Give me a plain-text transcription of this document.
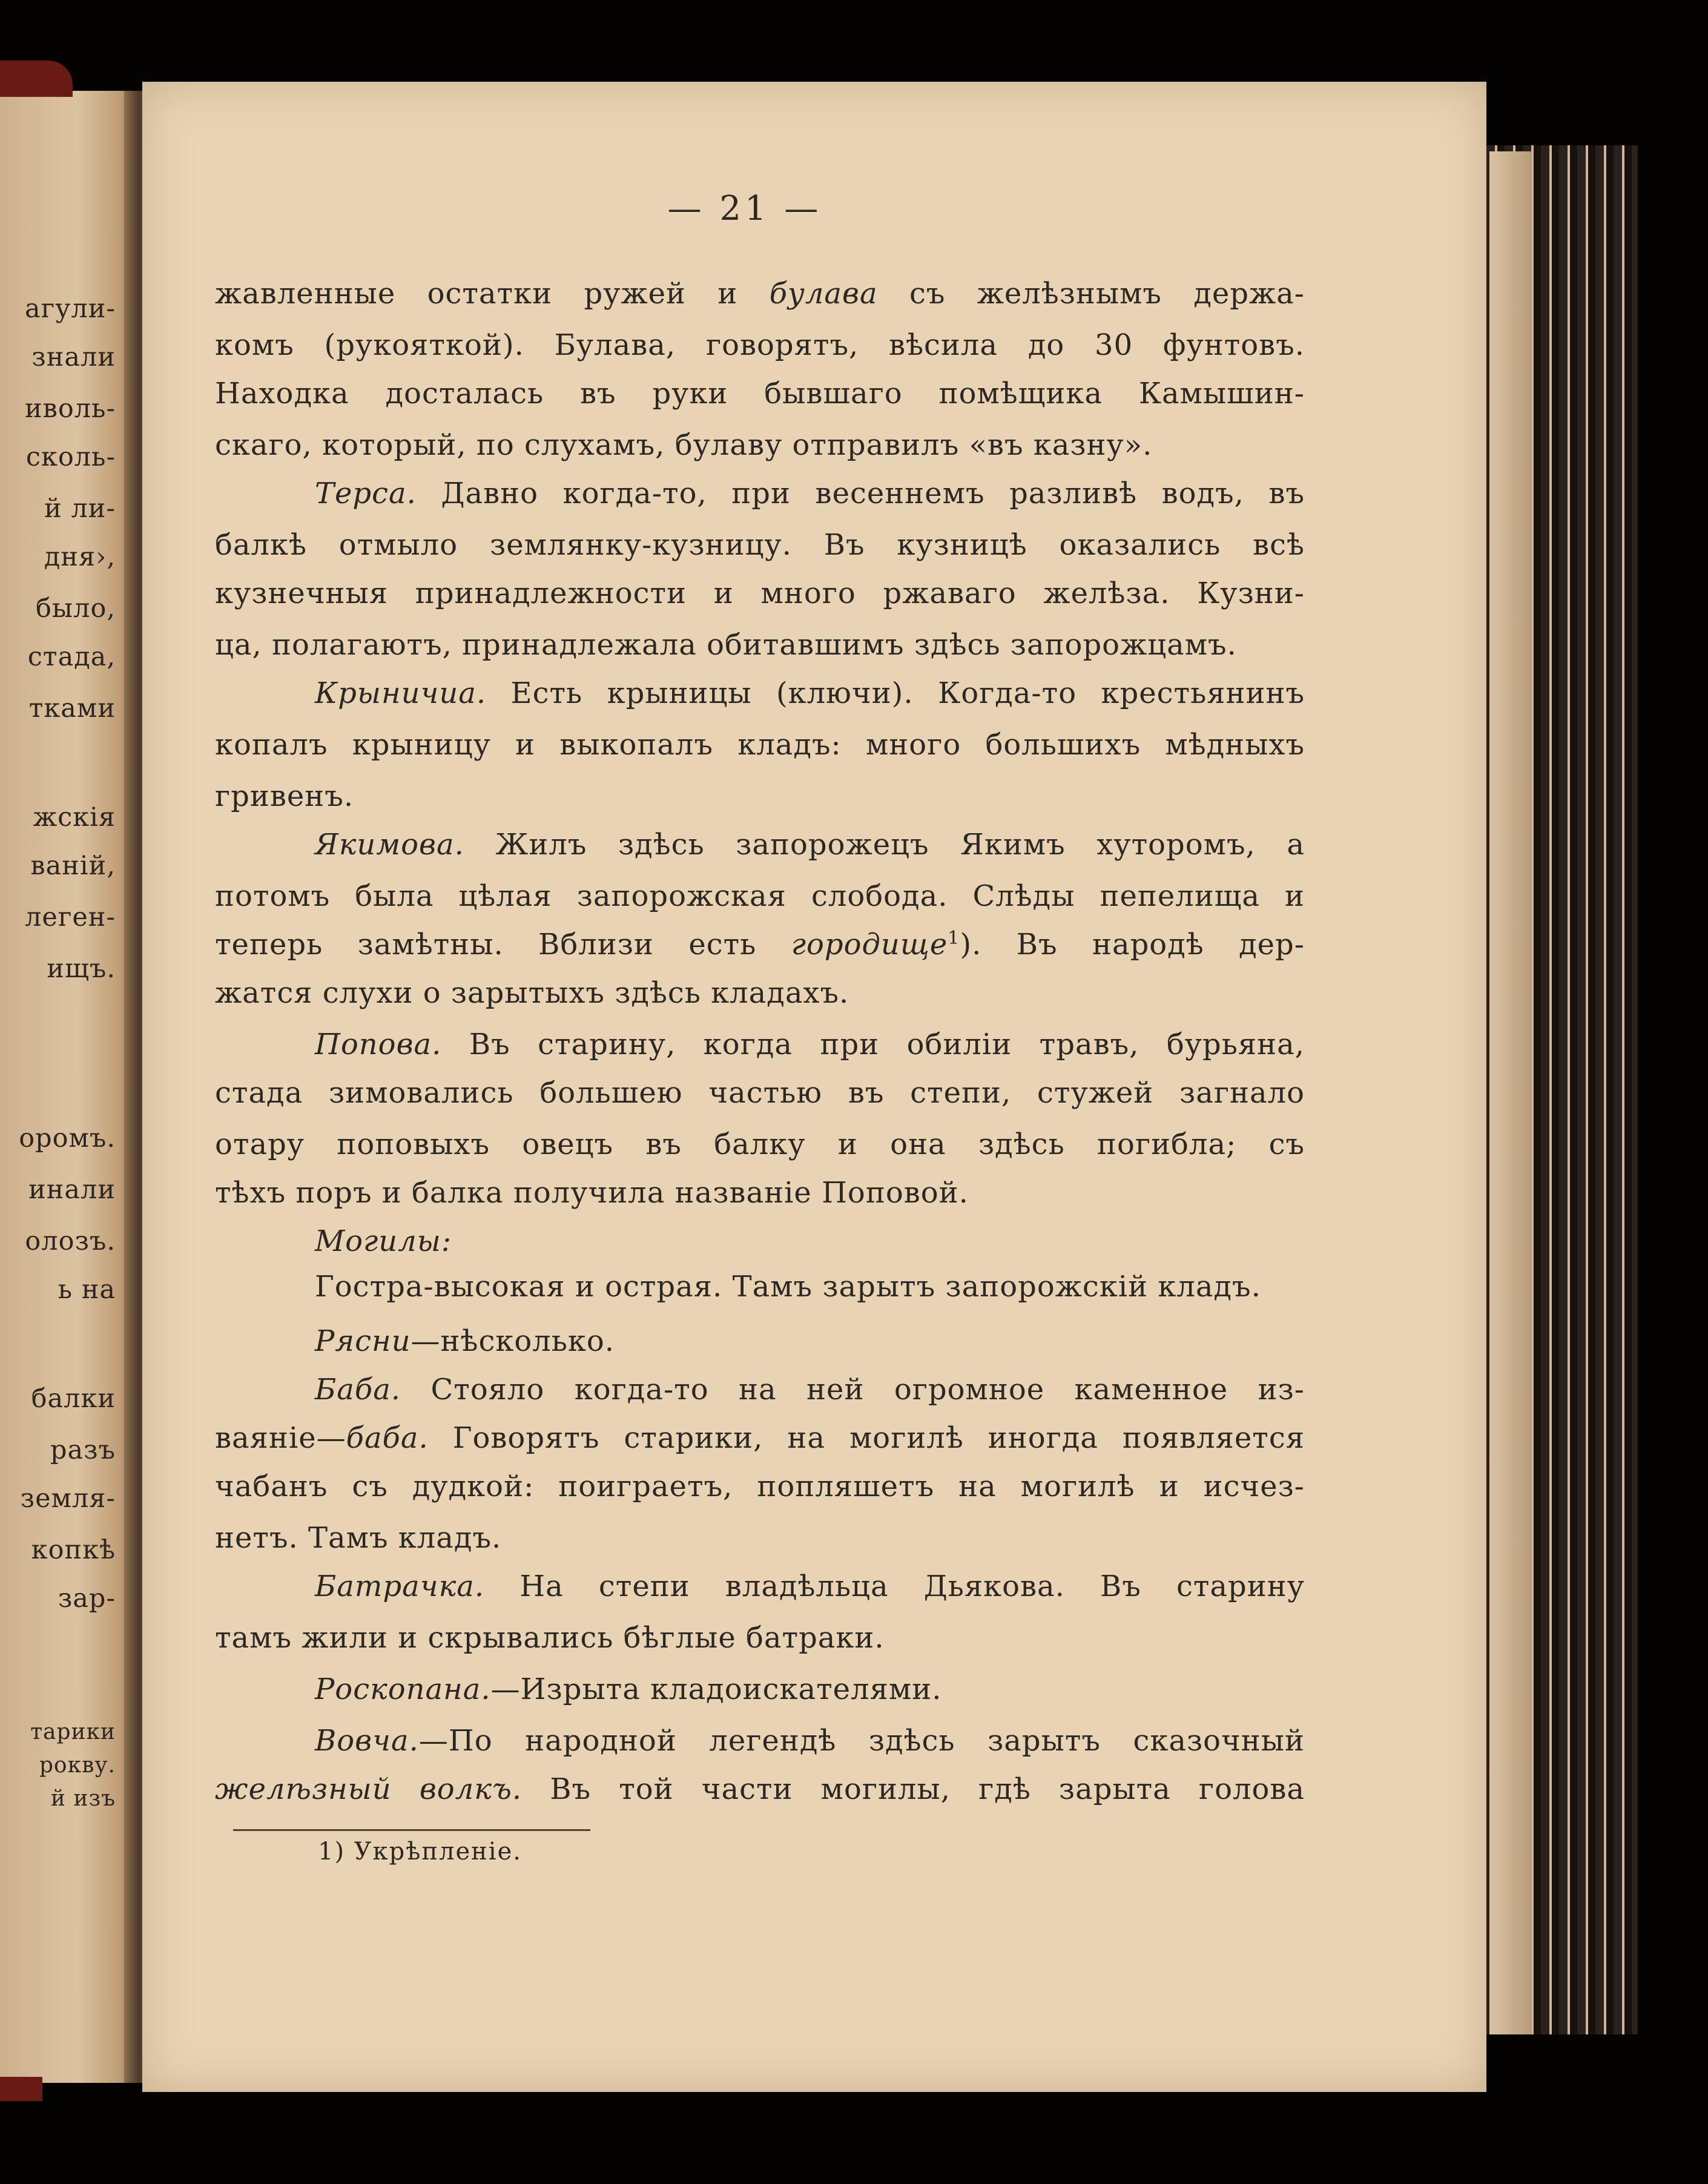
агули-
знали
иволь-
сколь-
й ли-
дня›,
было,
стада,
тками
жскія
ваній,
леген-
ищъ.
оромъ.
инали
олозъ.
ь на
балки
разъ
земля-
копкѣ
зар-
тарики
рокву.
й изъ
— 21 —
жавленные остатки ружей и булава съ желѣзнымъ держа-
комъ (рукояткой). Булава, говорятъ, вѣсила до 30 фунтовъ.
Находка досталась въ руки бывшаго помѣщика Камышин-
скаго, который, по слухамъ, булаву отправилъ «въ казну».
Терса. Давно когда-то, при весеннемъ разливѣ водъ, въ
балкѣ отмыло землянку-кузницу. Въ кузницѣ оказались всѣ
кузнечныя принадлежности и много ржаваго желѣза. Кузни-
ца, полагаютъ, принадлежала обитавшимъ здѣсь запорожцамъ.
Крыничиа. Есть крыницы (ключи). Когда-то крестьянинъ
копалъ крыницу и выкопалъ кладъ: много большихъ мѣдныхъ
гривенъ.
Якимова. Жилъ здѣсь запорожецъ Якимъ хуторомъ, а
потомъ была цѣлая запорожская слобода. Слѣды пепелища и
теперь замѣтны. Вблизи есть городище$^1$). Въ народѣ дер-
жатся слухи о зарытыхъ здѣсь кладахъ.
Попова. Въ старину, когда при обиліи травъ, бурьяна,
стада зимовались большею частью въ степи, стужей загнало
отару поповыхъ овецъ въ балку и она здѣсь погибла; съ
тѣхъ поръ и балка получила названіе Поповой.
Могилы:
Гостра-высокая и острая. Тамъ зарытъ запорожскій кладъ.
Рясни—нѣсколько.
Баба. Стояло когда-то на ней огромное каменное из-
ваяніе—баба. Говорятъ старики, на могилѣ иногда появляется
чабанъ съ дудкой: поиграетъ, попляшетъ на могилѣ и исчез-
нетъ. Тамъ кладъ.
Батрачка. На степи владѣльца Дьякова. Въ старину
тамъ жили и скрывались бѣглые батраки.
Роскопана.—Изрыта кладоискателями.
Вовча.—По народной легендѣ здѣсь зарытъ сказочный
желѣзный волкъ. Въ той части могилы, гдѣ зарыта голова
1) Укрѣпленіе.
